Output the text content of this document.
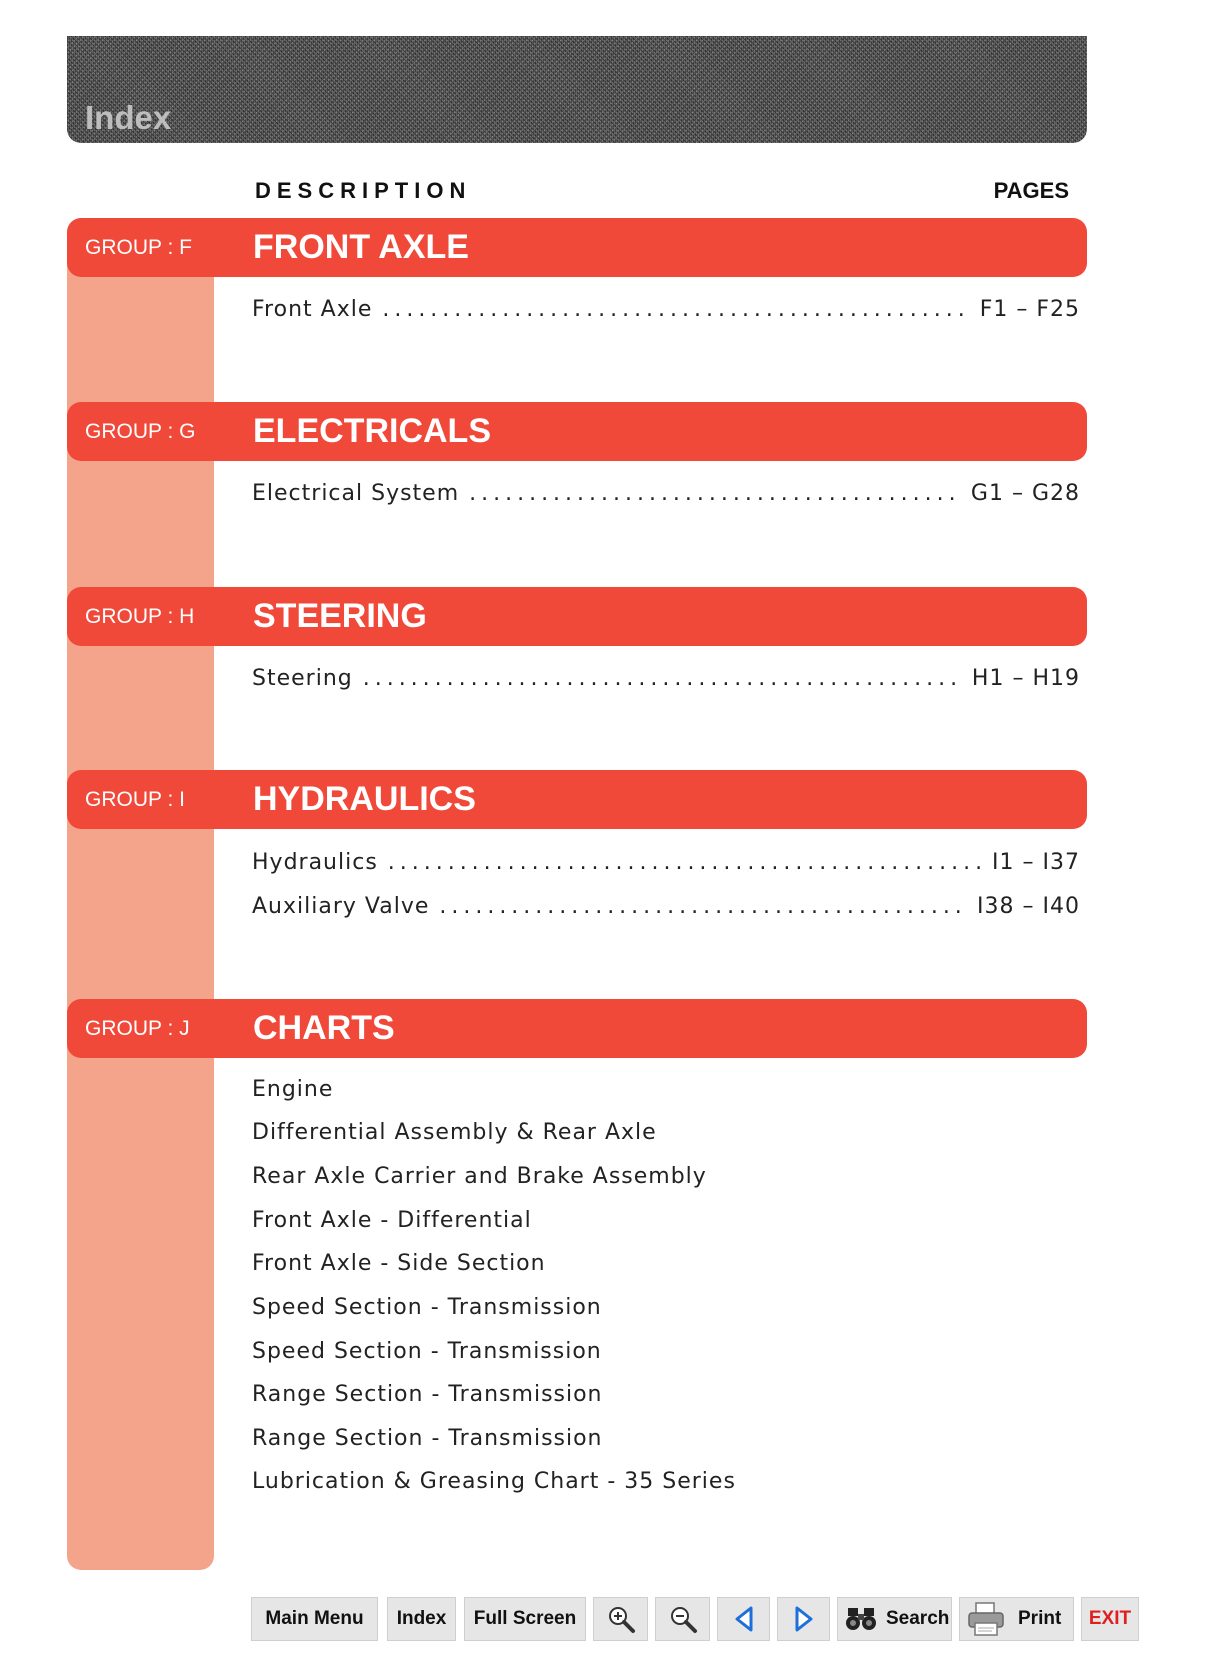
Index
DESCRIPTION	PAGES
GROUP : F FRONT AXLE
Front Axle . . .	F1 – F25
GROUP : G ELECTRICALS
Electrical System . . .	G1 – G28
GROUP : H STEERING
Steering . . .	H1 – H19
GROUP : I HYDRAULICS
Hydraulics . . .	I1 – I37
Auxiliary Valve . . .	I38 – I40
GROUP : J CHARTS
Engine
Differential Assembly & Rear Axle
Rear Axle Carrier and Brake Assembly
Front Axle - Differential
Front Axle - Side Section
Speed Section - Transmission
Speed Section - Transmission
Range Section - Transmission
Range Section - Transmission
Lubrication & Greasing Chart - 35 Series
Main Menu Index Full Screen	Search	Print EXIT
